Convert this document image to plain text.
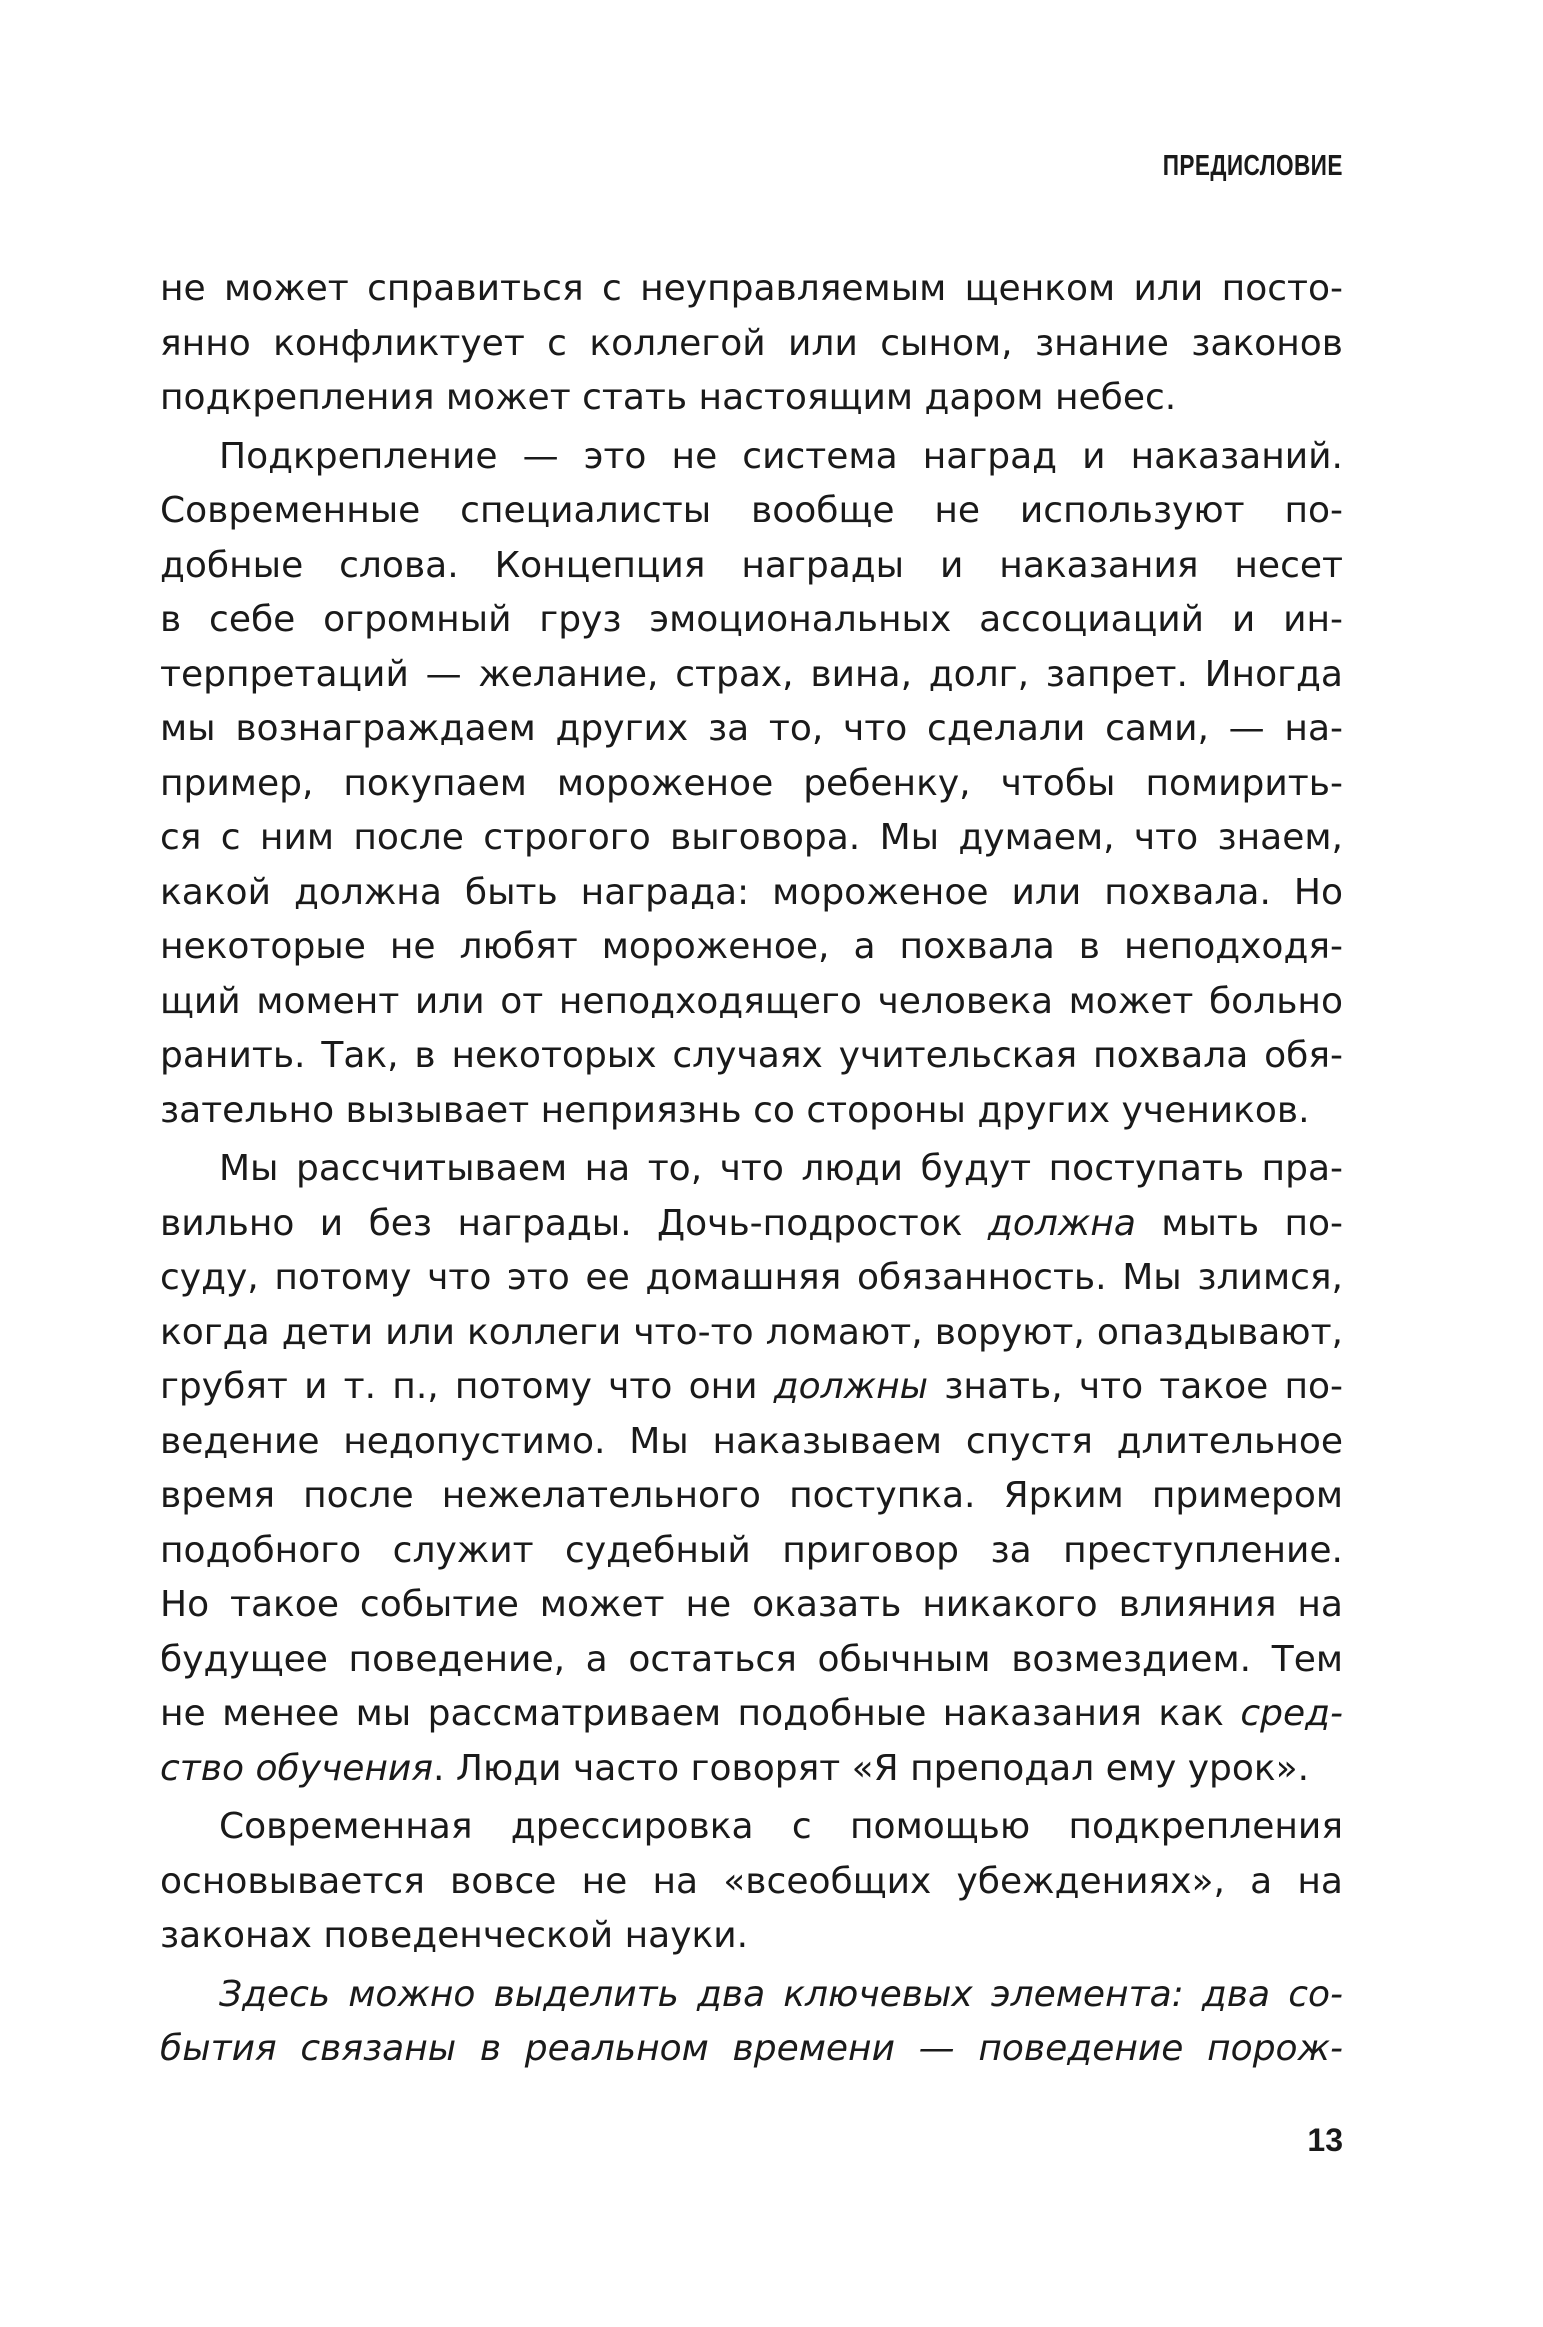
ПРЕДИСЛОВИЕ
не может справиться с неуправляемым щенком или посто-
янно конфликтует с коллегой или сыном, знание законов
подкрепления может стать настоящим даром небес.
Подкрепление — это не система наград и наказаний.
Современные специалисты вообще не используют по-
добные слова. Концепция награды и наказания несет
в себе огромный груз эмоциональных ассоциаций и ин-
терпретаций — желание, страх, вина, долг, запрет. Иногда
мы вознаграждаем других за то, что сделали сами, — на-
пример, покупаем мороженое ребенку, чтобы помирить-
ся с ним после строгого выговора. Мы думаем, что знаем,
какой должна быть награда: мороженое или похвала. Но
некоторые не любят мороженое, а похвала в неподходя-
щий момент или от неподходящего человека может больно
ранить. Так, в некоторых случаях учительская похвала обя-
зательно вызывает неприязнь со стороны других учеников.
Мы рассчитываем на то, что люди будут поступать пра-
вильно и без награды. Дочь-подросток должна мыть по-
суду, потому что это ее домашняя обязанность. Мы злимся,
когда дети или коллеги что-то ломают, воруют, опаздывают,
грубят и т. п., потому что они должны знать, что такое по-
ведение недопустимо. Мы наказываем спустя длительное
время после нежелательного поступка. Ярким примером
подобного служит судебный приговор за преступление.
Но такое событие может не оказать никакого влияния на
будущее поведение, а остаться обычным возмездием. Тем
не менее мы рассматриваем подобные наказания как сред-
ство обучения. Люди часто говорят «Я преподал ему урок».
Современная дрессировка с помощью подкрепления
основывается вовсе не на «всеобщих убеждениях», а на
законах поведенческой науки.
Здесь можно выделить два ключевых элемента: два со-
бытия связаны в реальном времени — поведение порож-
13
